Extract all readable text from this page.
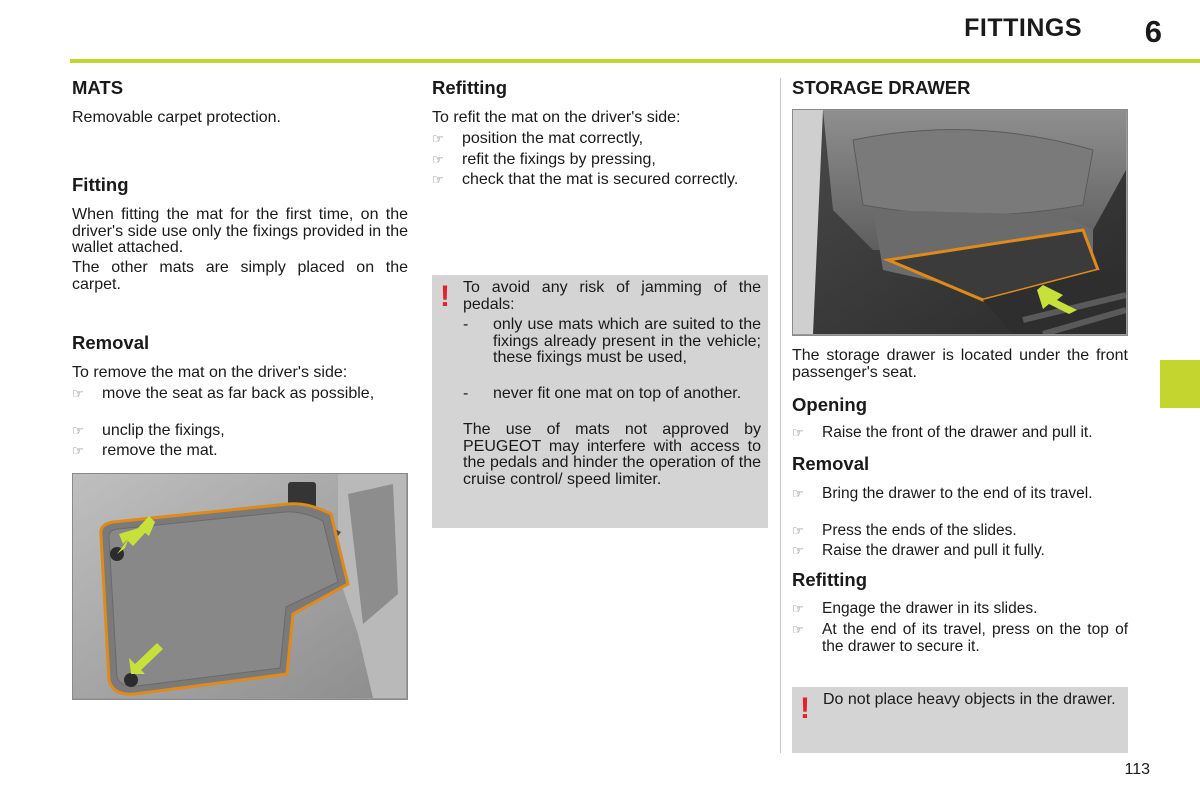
FITTINGS 6
MATS
Removable carpet protection.
Fitting
When fitting the mat for the first time, on the driver's side use only the fixings provided in the wallet attached.
The other mats are simply placed on the carpet.
Removal
To remove the mat on the driver's side:
☞ move the seat as far back as possible,
☞ unclip the fixings,
☞ remove the mat.
Refitting
To refit the mat on the driver's side:
☞ position the mat correctly,
☞ refit the fixings by pressing,
☞ check that the mat is secured correctly.
! To avoid any risk of jamming of the pedals:
- only use mats which are suited to the fixings already present in the vehicle; these fixings must be used,
- never fit one mat on top of another.
The use of mats not approved by PEUGEOT may interfere with access to the pedals and hinder the operation of the cruise control/ speed limiter.
STORAGE DRAWER
The storage drawer is located under the front passenger's seat.
Opening
☞ Raise the front of the drawer and pull it.
Removal
☞ Bring the drawer to the end of its travel.
☞ Press the ends of the slides.
☞ Raise the drawer and pull it fully.
Refitting
☞ Engage the drawer in its slides.
☞ At the end of its travel, press on the top of the drawer to secure it.
! Do not place heavy objects in the drawer.
113
